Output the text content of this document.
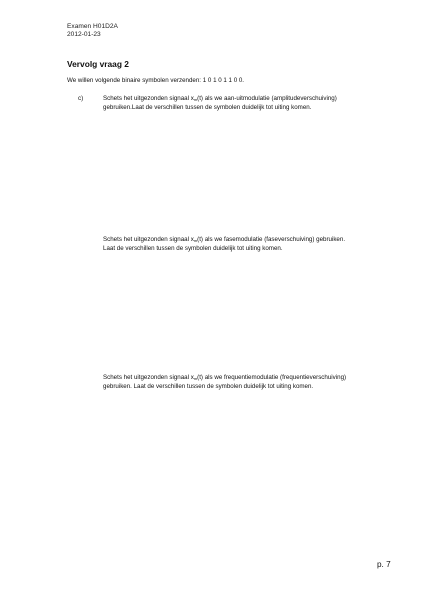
Examen H01D2A
2012-01-23
Vervolg vraag 2
We willen volgende binaire symbolen verzenden: 1 0 1 0 1 1 0 0.
c)	Schets het uitgezonden signaal $x_m(t)$ als we aan-uitmodulatie (amplitudeverschuiving)
gebruiken.Laat de verschillen tussen de symbolen duidelijk tot uiting komen.
Schets het uitgezonden signaal $x_m(t)$ als we fasemodulatie (faseverschuiving) gebruiken.
Laat de verschillen tussen de symbolen duidelijk tot uiting komen.
Schets het uitgezonden signaal $x_m(t)$ als we frequentiemodulatie (frequentieverschuiving)
gebruiken. Laat de verschillen tussen de symbolen duidelijk tot uiting komen.
p. 7
